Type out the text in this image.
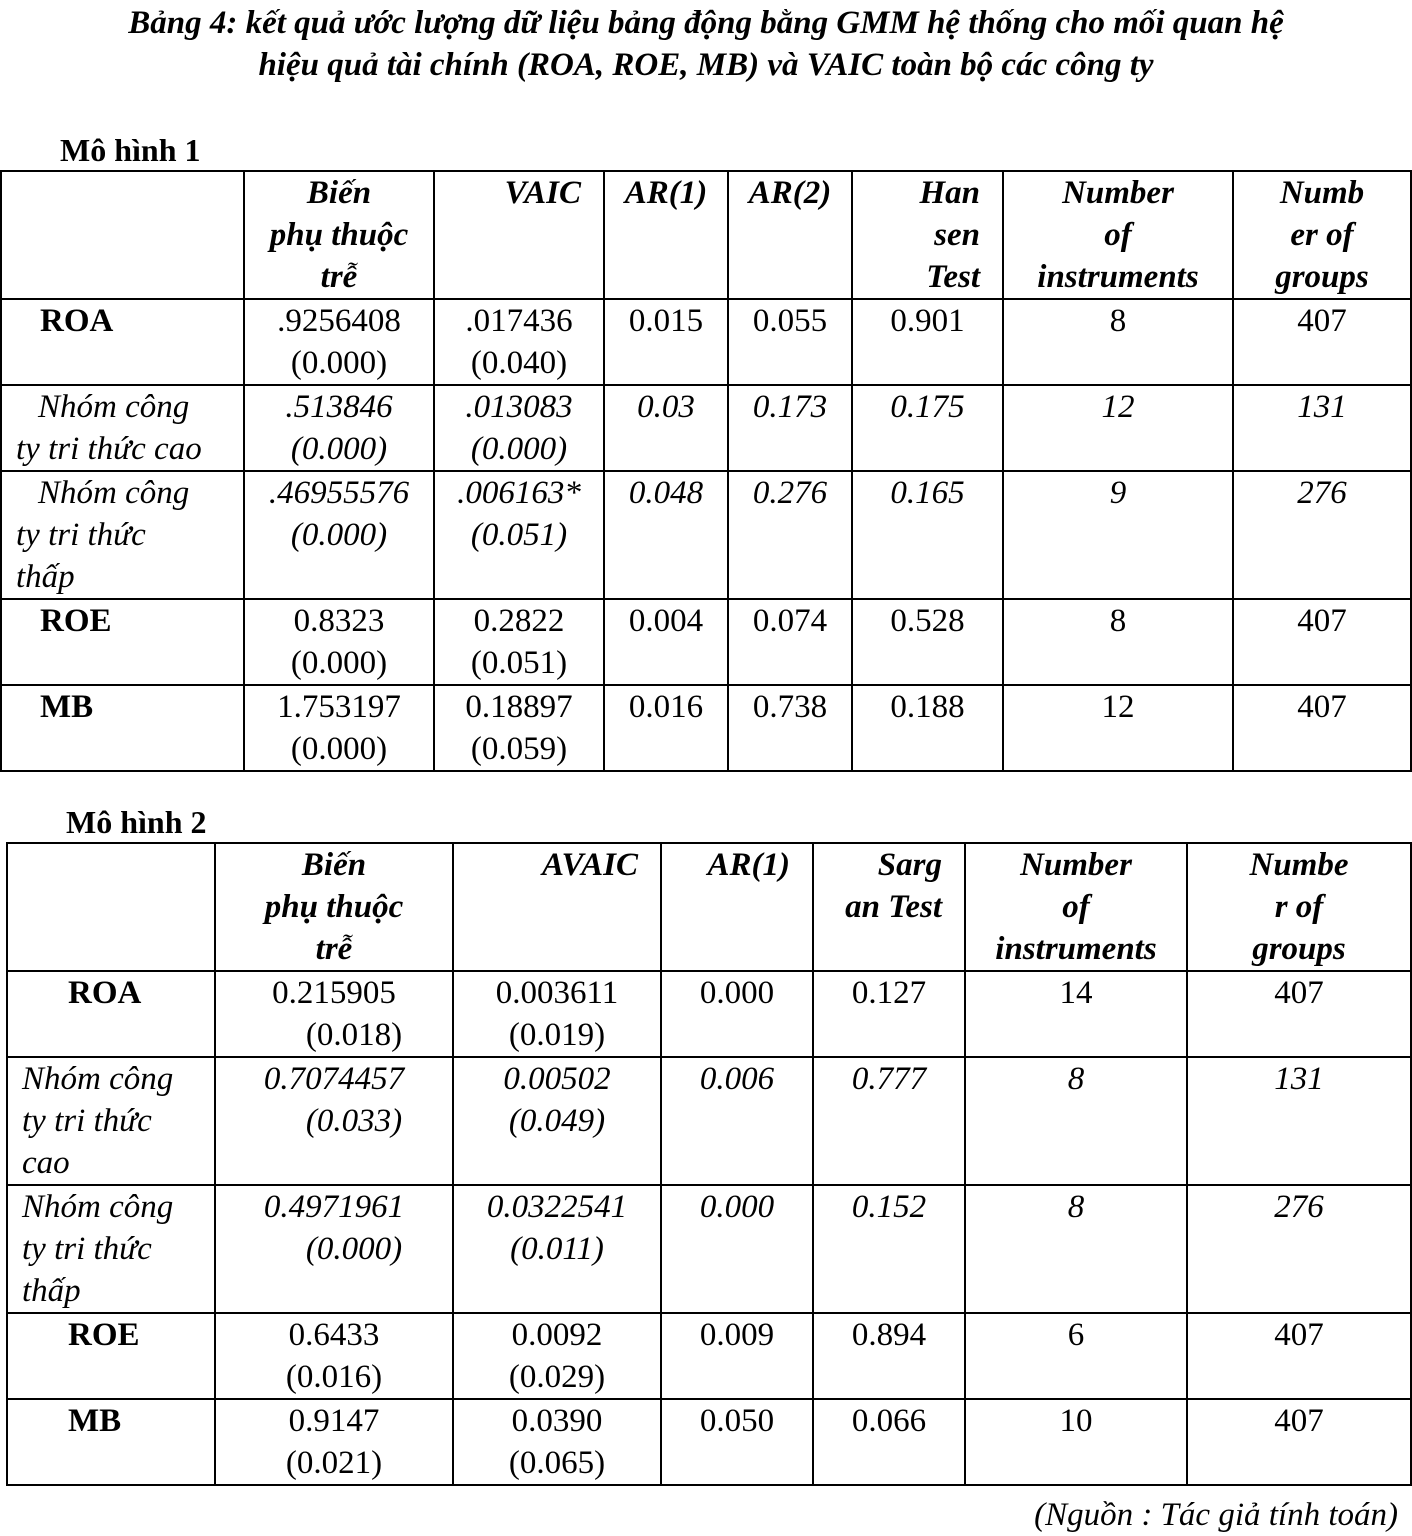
Bảng 4: kết quả ước lượng dữ liệu bảng động bằng GMM hệ thống cho mối quan hệ
hiệu quả tài chính (ROA, ROE, MB) và VAIC toàn bộ các công ty
Mô hình 1

	Biến
phụ thuộc
trễ	VAIC	AR(1)	AR(2)	Han
sen
Test	Number
of
instruments	Numb
er of
groups

ROA	.9256408
(0.000)	.017436
(0.040)	0.015	0.055	0.901	8	407

Nhóm công
ty tri thức cao	.513846
(0.000)	.013083
(0.000)	0.03	0.173	0.175	12	131

Nhóm công
ty tri thức
thấp	.46955576
(0.000)	.006163*
(0.051)	0.048	0.276	0.165	9	276
ROE	0.8323
(0.000)	0.2822
(0.051)	0.004	0.074	0.528	8	407
MB	1.753197
(0.000)	0.18897
(0.059)	0.016	0.738	0.188	12	407
Mô hình 2

	Biến
phụ thuộc
trễ	AVAIC	AR(1)	Sarg
an Test	Number
of
instruments	Numbe
r of
groups

ROA	0.215905
(0.018)	0.003611
(0.019)	0.000	0.127	14	407

Nhóm công
ty tri thức
cao	0.7074457
(0.033)	0.00502
(0.049)	0.006	0.777	8	131

Nhóm công
ty tri thức
thấp	0.4971961
(0.000)	0.0322541
(0.011)	0.000	0.152	8	276
ROE	0.6433
(0.016)	0.0092
(0.029)	0.009	0.894	6	407
MB	0.9147
(0.021)	0.0390
(0.065)	0.050	0.066	10	407
(Nguồn : Tác giả tính toán)
